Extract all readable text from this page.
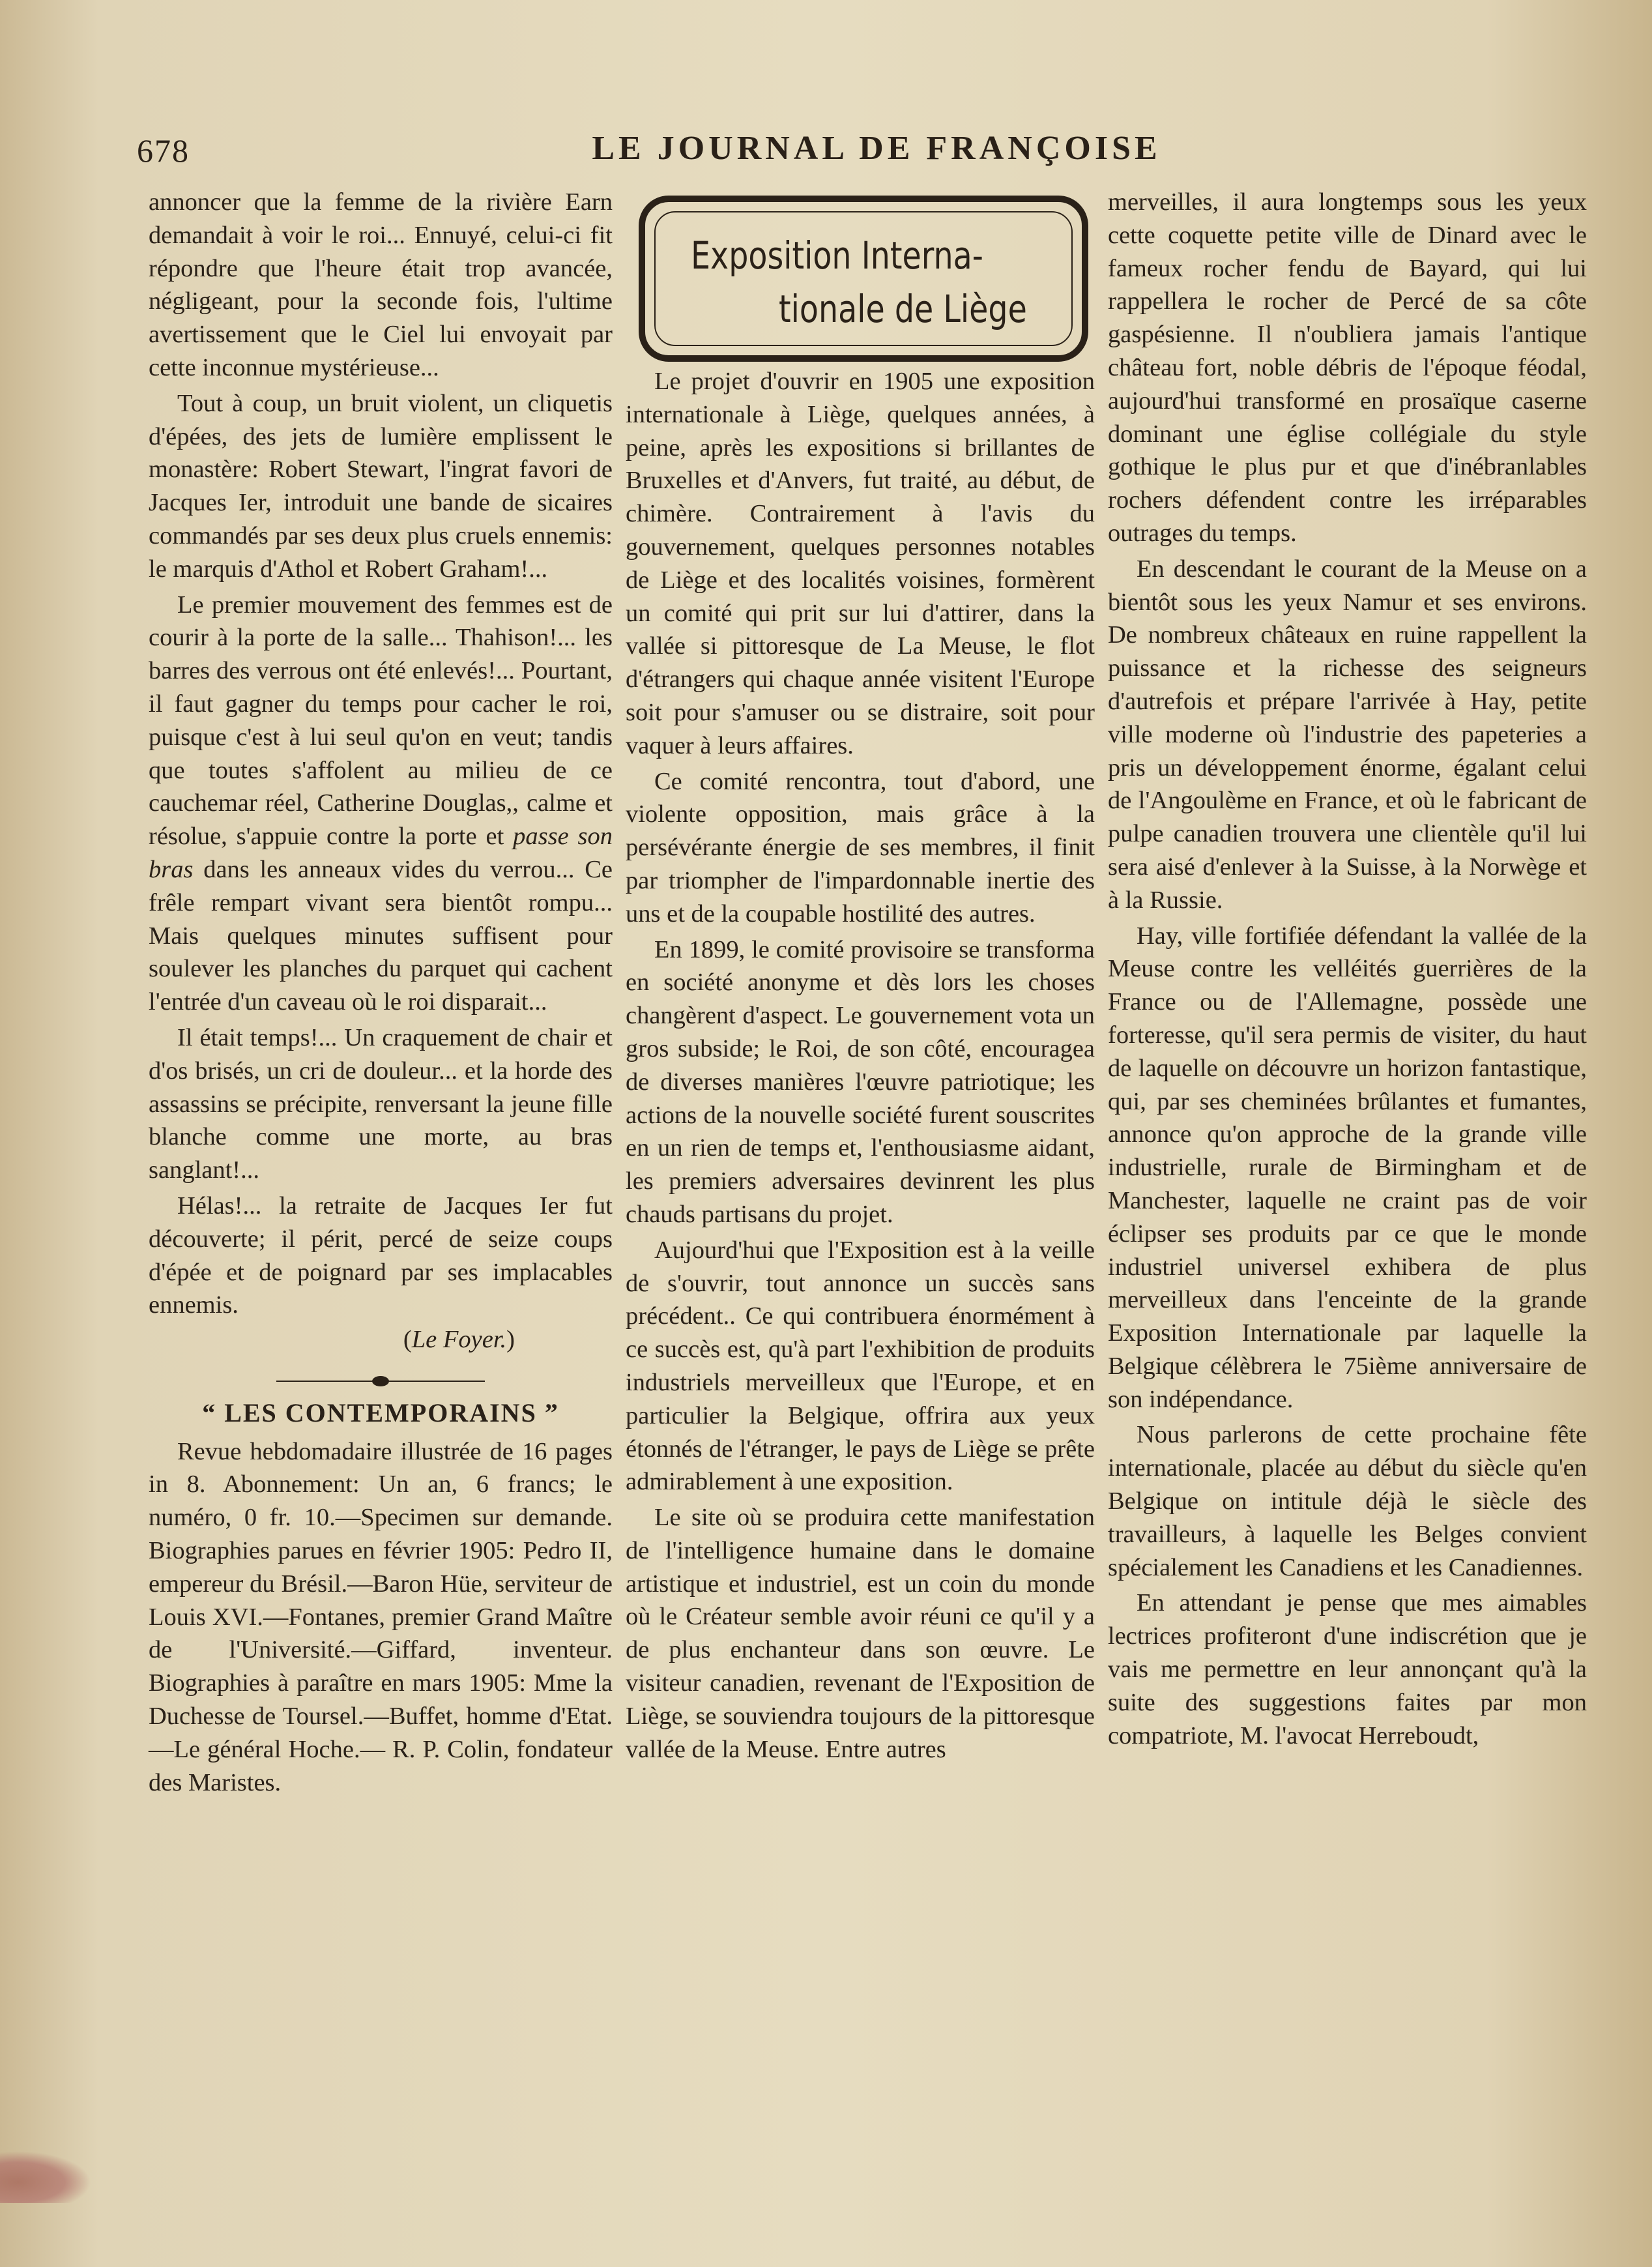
678	LE JOURNAL DE FRANÇOISE

annoncer que la femme de la rivière Earn demandait à voir le roi... Ennuyé, celui-ci fit répondre que l'heure était trop avancée, négligeant, pour la seconde fois, l'ultime avertissement que le Ciel lui envoyait par cette inconnue mystérieuse...

Tout à coup, un bruit violent, un cliquetis d'épées, des jets de lumière emplissent le monastère: Robert Stewart, l'ingrat favori de Jacques Ier, introduit une bande de sicaires commandés par ses deux plus cruels ennemis: le marquis d'Athol et Robert Graham!...

Le premier mouvement des femmes est de courir à la porte de la salle... Thahison!... les barres des verrous ont été enlevés!... Pourtant, il faut gagner du temps pour cacher le roi, puisque c'est à lui seul qu'on en veut; tandis que toutes s'affolent au milieu de ce cauchemar réel, Catherine Douglas,, calme et résolue, s'appuie contre la porte et passe son bras dans les anneaux vides du verrou... Ce frêle rempart vivant sera bientôt rompu... Mais quelques minutes suffisent pour soulever les planches du parquet qui cachent l'entrée d'un caveau où le roi disparait...

Il était temps!... Un craquement de chair et d'os brisés, un cri de douleur... et la horde des assassins se précipite, renversant la jeune fille blanche comme une morte, au bras sanglant!...

Hélas!... la retraite de Jacques Ier fut découverte; il périt, percé de seize coups d'épée et de poignard par ses implacables ennemis.

(Le Foyer.)

“ LES CONTEMPORAINS ”

Revue hebdomadaire illustrée de 16 pages in 8. Abonnement: Un an, 6 francs; le numéro, 0 fr. 10.—Specimen sur demande. Biographies parues en février 1905: Pedro II, empereur du Brésil.—Baron Hüe, serviteur de Louis XVI.—Fontanes, premier Grand Maître de l'Université.—Giffard, inventeur. Biographies à paraître en mars 1905: Mme la Duchesse de Toursel.—Buffet, homme d'Etat.—Le général Hoche.— R. P. Colin, fondateur des Maristes.

Exposition Interna-
tionale de Liège

Le projet d'ouvrir en 1905 une exposition internationale à Liège, quelques années, à peine, après les expositions si brillantes de Bruxelles et d'Anvers, fut traité, au début, de chimère. Contrairement à l'avis du gouvernement, quelques personnes notables de Liège et des localités voisines, formèrent un comité qui prit sur lui d'attirer, dans la vallée si pittoresque de La Meuse, le flot d'étrangers qui chaque année visitent l'Europe soit pour s'amuser ou se distraire, soit pour vaquer à leurs affaires.

Ce comité rencontra, tout d'abord, une violente opposition, mais grâce à la persévérante énergie de ses membres, il finit par triompher de l'impardonnable inertie des uns et de la coupable hostilité des autres.

En 1899, le comité provisoire se transforma en société anonyme et dès lors les choses changèrent d'aspect. Le gouvernement vota un gros subside; le Roi, de son côté, encouragea de diverses manières l'œuvre patriotique; les actions de la nouvelle société furent souscrites en un rien de temps et, l'enthousiasme aidant, les premiers adversaires devinrent les plus chauds partisans du projet.

Aujourd'hui que l'Exposition est à la veille de s'ouvrir, tout annonce un succès sans précédent.. Ce qui contribuera énormément à ce succès est, qu'à part l'exhibition de produits industriels merveilleux que l'Europe, et en particulier la Belgique, offrira aux yeux étonnés de l'étranger, le pays de Liège se prête admirablement à une exposition.

Le site où se produira cette manifestation de l'intelligence humaine dans le domaine artistique et industriel, est un coin du monde où le Créateur semble avoir réuni ce qu'il y a de plus enchanteur dans son œuvre. Le visiteur canadien, revenant de l'Exposition de Liège, se souviendra toujours de la pittoresque vallée de la Meuse. Entre autres

merveilles, il aura longtemps sous les yeux cette coquette petite ville de Dinard avec le fameux rocher fendu de Bayard, qui lui rappellera le rocher de Percé de sa côte gaspésienne. Il n'oubliera jamais l'antique château fort, noble débris de l'époque féodal, aujourd'hui transformé en prosaïque caserne dominant une église collégiale du style gothique le plus pur et que d'inébranlables rochers défendent contre les irréparables outrages du temps.

En descendant le courant de la Meuse on a bientôt sous les yeux Namur et ses environs. De nombreux châteaux en ruine rappellent la puissance et la richesse des seigneurs d'autrefois et prépare l'arrivée à Hay, petite ville moderne où l'industrie des papeteries a pris un développement énorme, égalant celui de l'Angoulème en France, et où le fabricant de pulpe canadien trouvera une clientèle qu'il lui sera aisé d'enlever à la Suisse, à la Norwège et à la Russie.

Hay, ville fortifiée défendant la vallée de la Meuse contre les velléités guerrières de la France ou de l'Allemagne, possède une forteresse, qu'il sera permis de visiter, du haut de laquelle on découvre un horizon fantastique, qui, par ses cheminées brûlantes et fumantes, annonce qu'on approche de la grande ville industrielle, rurale de Birmingham et de Manchester, laquelle ne craint pas de voir éclipser ses produits par ce que le monde industriel universel exhibera de plus merveilleux dans l'enceinte de la grande Exposition Internationale par laquelle la Belgique célèbrera le 75ième anniversaire de son indépendance.

Nous parlerons de cette prochaine fête internationale, placée au début du siècle qu'en Belgique on intitule déjà le siècle des travailleurs, à laquelle les Belges convient spécialement les Canadiens et les Canadiennes.

En attendant je pense que mes aimables lectrices profiteront d'une indiscrétion que je vais me permettre en leur annonçant qu'à la suite des suggestions faites par mon compatriote, M. l'avocat Herreboudt,
